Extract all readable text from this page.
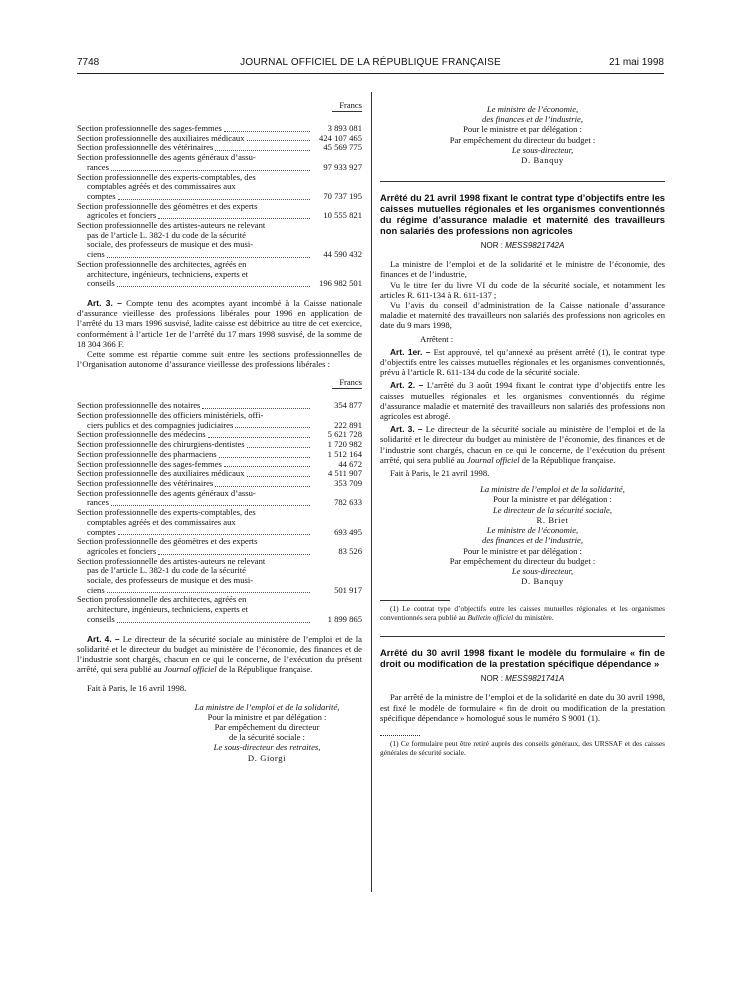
7748	JOURNAL OFFICIEL DE LA RÉPUBLIQUE FRANÇAISE	21 mai 1998
Francs
Section professionnelle des sages-femmes	3 893 081
Section professionnelle des auxiliaires médicaux	424 107 465
Section professionnelle des vétérinaires	45 569 775
Section professionnelle des agents généraux d’assu-
rances	97 933 927
Section professionnelle des experts-comptables, des
comptables agréés et des commissaires aux
comptes	70 737 195
Section professionnelle des géomètres et des experts
agricoles et fonciers	10 555 821
Section professionnelle des artistes-auteurs ne relevant
pas de l’article L. 382-1 du code de la sécurité
sociale, des professeurs de musique et des musi-
ciens	44 590 432
Section professionnelle des architectes, agréés en
architecture, ingénieurs, techniciens, experts et
conseils	196 982 501

Art. 3. – Compte tenu des acomptes ayant incombé à la Caisse nationale d’assurance vieillesse des professions libérales pour 1996 en application de l’arrêté du 13 mars 1996 susvisé, ladite caisse est débitrice au titre de cet exercice, conformément à l’article 1er de l’arrêté du 17 mars 1998 susvisé, de la somme de 18 304 366 F.

Cette somme est répartie comme suit entre les sections professionnelles de l’Organisation autonome d’assurance vieillesse des professions libérales :

Francs
Section professionnelle des notaires	354 877
Section professionnelle des officiers ministériels, offi-
ciers publics et des compagnies judiciaires	222 891
Section professionnelle des médecins	5 621 728
Section professionnelle des chirurgiens-dentistes	1 720 982
Section professionnelle des pharmaciens	1 512 164
Section professionnelle des sages-femmes	44 672
Section professionnelle des auxiliaires médicaux	4 511 907
Section professionnelle des vétérinaires	353 709
Section professionnelle des agents généraux d’assu-
rances	782 633
Section professionnelle des experts-comptables, des
comptables agréés et des commissaires aux
comptes	693 495
Section professionnelle des géomètres et des experts
agricoles et fonciers	83 526
Section professionnelle des artistes-auteurs ne relevant
pas de l’article L. 382-1 du code de la sécurité
sociale, des professeurs de musique et des musi-
ciens	501 917
Section professionnelle des architectes, agréés en
architecture, ingénieurs, techniciens, experts et
conseils	1 899 865

Art. 4. – Le directeur de la sécurité sociale au ministère de l’emploi et de la solidarité et le directeur du budget au ministère de l’économie, des finances et de l’industrie sont chargés, chacun en ce qui le concerne, de l’exécution du présent arrêté, qui sera publié au Journal officiel de la République française.

Fait à Paris, le 16 avril 1998.

La ministre de l’emploi et de la solidarité,
Pour la ministre et par délégation :
Par empêchement du directeur
de la sécurité sociale :
Le sous-directeur des retraites,
D. Giorgi
Le ministre de l’économie,
des finances et de l’industrie,
Pour le ministre et par délégation :
Par empêchement du directeur du budget :
Le sous-directeur,
D. Banquy
Arrêté du 21 avril 1998 fixant le contrat type d’objectifs entre les caisses mutuelles régionales et les organismes conventionnés du régime d’assurance maladie et maternité des travailleurs non salariés des professions non agricoles
NOR : MESS9821742A

La ministre de l’emploi et de la solidarité et le ministre de l’économie, des finances et de l’industrie,

Vu le titre Ier du livre VI du code de la sécurité sociale, et notamment les articles R. 611-134 à R. 611-137 ;

Vu l’avis du conseil d’administration de la Caisse nationale d’assurance maladie et maternité des travailleurs non salariés des professions non agricoles en date du 9 mars 1998,

Arrêtent :

Art. 1er. – Est approuvé, tel qu’annexé au présent arrêté (1), le contrat type d’objectifs entre les caisses mutuelles régionales et les organismes conventionnés, prévu à l’article R. 611-134 du code de la sécurité sociale.

Art. 2. – L’arrêté du 3 août 1994 fixant le contrat type d’objectifs entre les caisses mutuelles régionales et les organismes conventionnés du régime d’assurance maladie et maternité des travailleurs non salariés des professions non agricoles est abrogé.

Art. 3. – Le directeur de la sécurité sociale au ministère de l’emploi et de la solidarité et le directeur du budget au ministère de l’économie, des finances et de l’industrie sont chargés, chacun en ce qui le concerne, de l’exécution du présent arrêté, qui sera publié au Journal officiel de la République française.

Fait à Paris, le 21 avril 1998.

La ministre de l’emploi et de la solidarité,
Pour la ministre et par délégation :
Le directeur de la sécurité sociale,
R. Briet
Le ministre de l’économie,
des finances et de l’industrie,
Pour le ministre et par délégation :
Par empêchement du directeur du budget :
Le sous-directeur,
D. Banquy

(1) Le contrat type d’objectifs entre les caisses mutuelles régionales et les organismes conventionnés sera publié au Bulletin officiel du ministère.

Arrêté du 30 avril 1998 fixant le modèle du formulaire « fin de droit ou modification de la prestation spécifique dépendance »
NOR : MESS9821741A

Par arrêté de la ministre de l’emploi et de la solidarité en date du 30 avril 1998, est fixé le modèle de formulaire « fin de droit ou modification de la prestation spécifique dépendance » homologué sous le numéro S 9001 (1).

(1) Ce formulaire peut être retiré auprès des conseils généraux, des URSSAF et des caisses générales de sécurité sociale.
